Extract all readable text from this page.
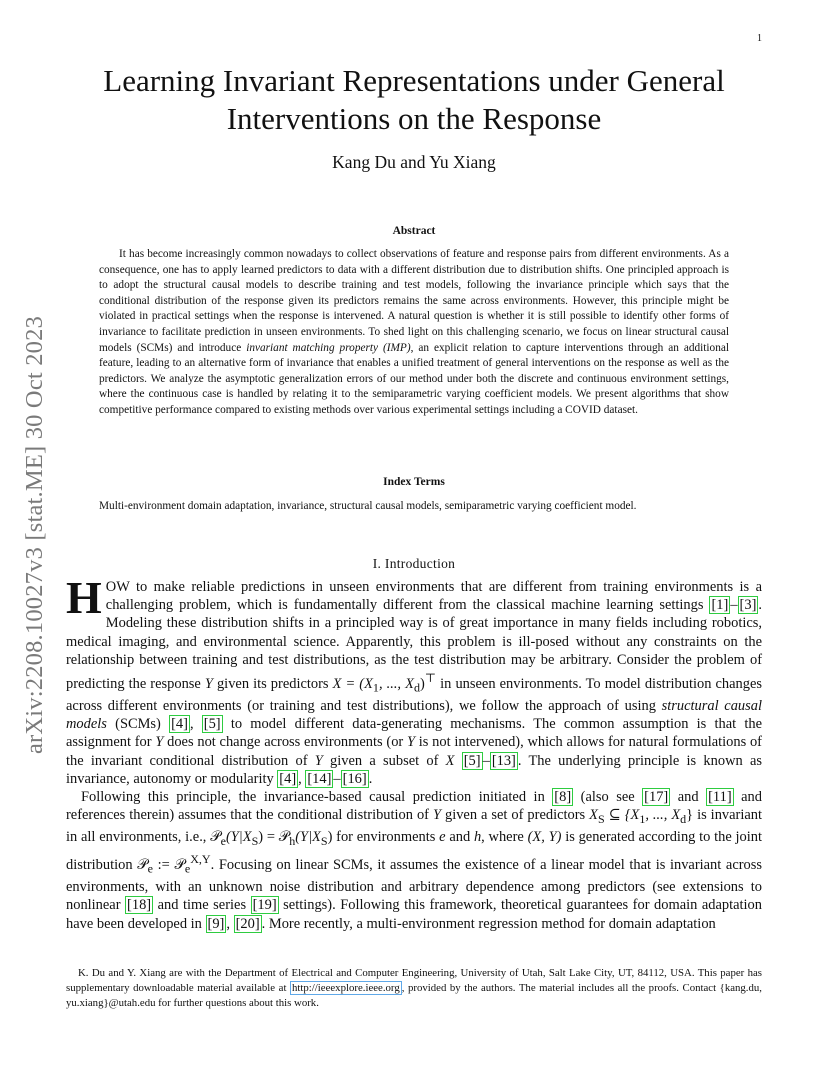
1
arXiv:2208.10027v3 [stat.ME] 30 Oct 2023
Learning Invariant Representations under General Interventions on the Response
Kang Du and Yu Xiang
Abstract
It has become increasingly common nowadays to collect observations of feature and response pairs from different environments. As a consequence, one has to apply learned predictors to data with a different distribution due to distribution shifts. One principled approach is to adopt the structural causal models to describe training and test models, following the invariance principle which says that the conditional distribution of the response given its predictors remains the same across environments. However, this principle might be violated in practical settings when the response is intervened. A natural question is whether it is still possible to identify other forms of invariance to facilitate prediction in unseen environments. To shed light on this challenging scenario, we focus on linear structural causal models (SCMs) and introduce invariant matching property (IMP), an explicit relation to capture interventions through an additional feature, leading to an alternative form of invariance that enables a unified treatment of general interventions on the response as well as the predictors. We analyze the asymptotic generalization errors of our method under both the discrete and continuous environment settings, where the continuous case is handled by relating it to the semiparametric varying coefficient models. We present algorithms that show competitive performance compared to existing methods over various experimental settings including a COVID dataset.
Index Terms
Multi-environment domain adaptation, invariance, structural causal models, semiparametric varying coefficient model.
I. Introduction

HOW to make reliable predictions in unseen environments that are different from training environments is a challenging problem, which is fundamentally different from the classical machine learning settings [1] – [3] . Modeling these distribution shifts in a principled way is of great importance in many fields including robotics, medical imaging, and environmental science. Apparently, this problem is ill-posed without any constraints on the relationship between training and test distributions, as the test distribution may be arbitrary. Consider the problem of predicting the response Y given its predictors $X = (X_1$, ..., $X_d)^⊤$ in unseen environments. To model distribution changes across different environments (or training and test distributions), we follow the approach of using structural causal models (SCMs) [4] , [5] to model different data-generating mechanisms. The common assumption is that the assignment for Y does not change across environments (or Y is not intervened), which allows for natural formulations of the invariant conditional distribution of Y given a subset of X [5] – [13] . The underlying principle is known as invariance, autonomy or modularity [4] , [14] – [16] .

Following this principle, the invariance-based causal prediction initiated in [8] (also see [17] and [11] and references therein) assumes that the conditional distribution of Y given a set of predictors $X_S$ ⊆ {$X_1$, ..., $X_d$} is invariant in all environments, i.e., $𝒫_e(Y|X_S)$ = $𝒫_h(Y|X_S)$ for environments e and h, where (X, Y) is generated according to the joint distribution 𝒫$_e$ := 𝒫$_e^{X,Y}$. Focusing on linear SCMs, it assumes the existence of a linear model that is invariant across environments, with an unknown noise distribution and arbitrary dependence among predictors (see extensions to nonlinear [18] and time series [19] settings). Following this framework, theoretical guarantees for domain adaptation have been developed in [9] , [20] . More recently, a multi-environment regression method for domain adaptation

K. Du and Y. Xiang are with the Department of Electrical and Computer Engineering, University of Utah, Salt Lake City, UT, 84112, USA. This paper has supplementary downloadable material available at http://ieeexplore.ieee.org , provided by the authors. The material includes all the proofs. Contact {kang.du, yu.xiang}@utah.edu for further questions about this work.
